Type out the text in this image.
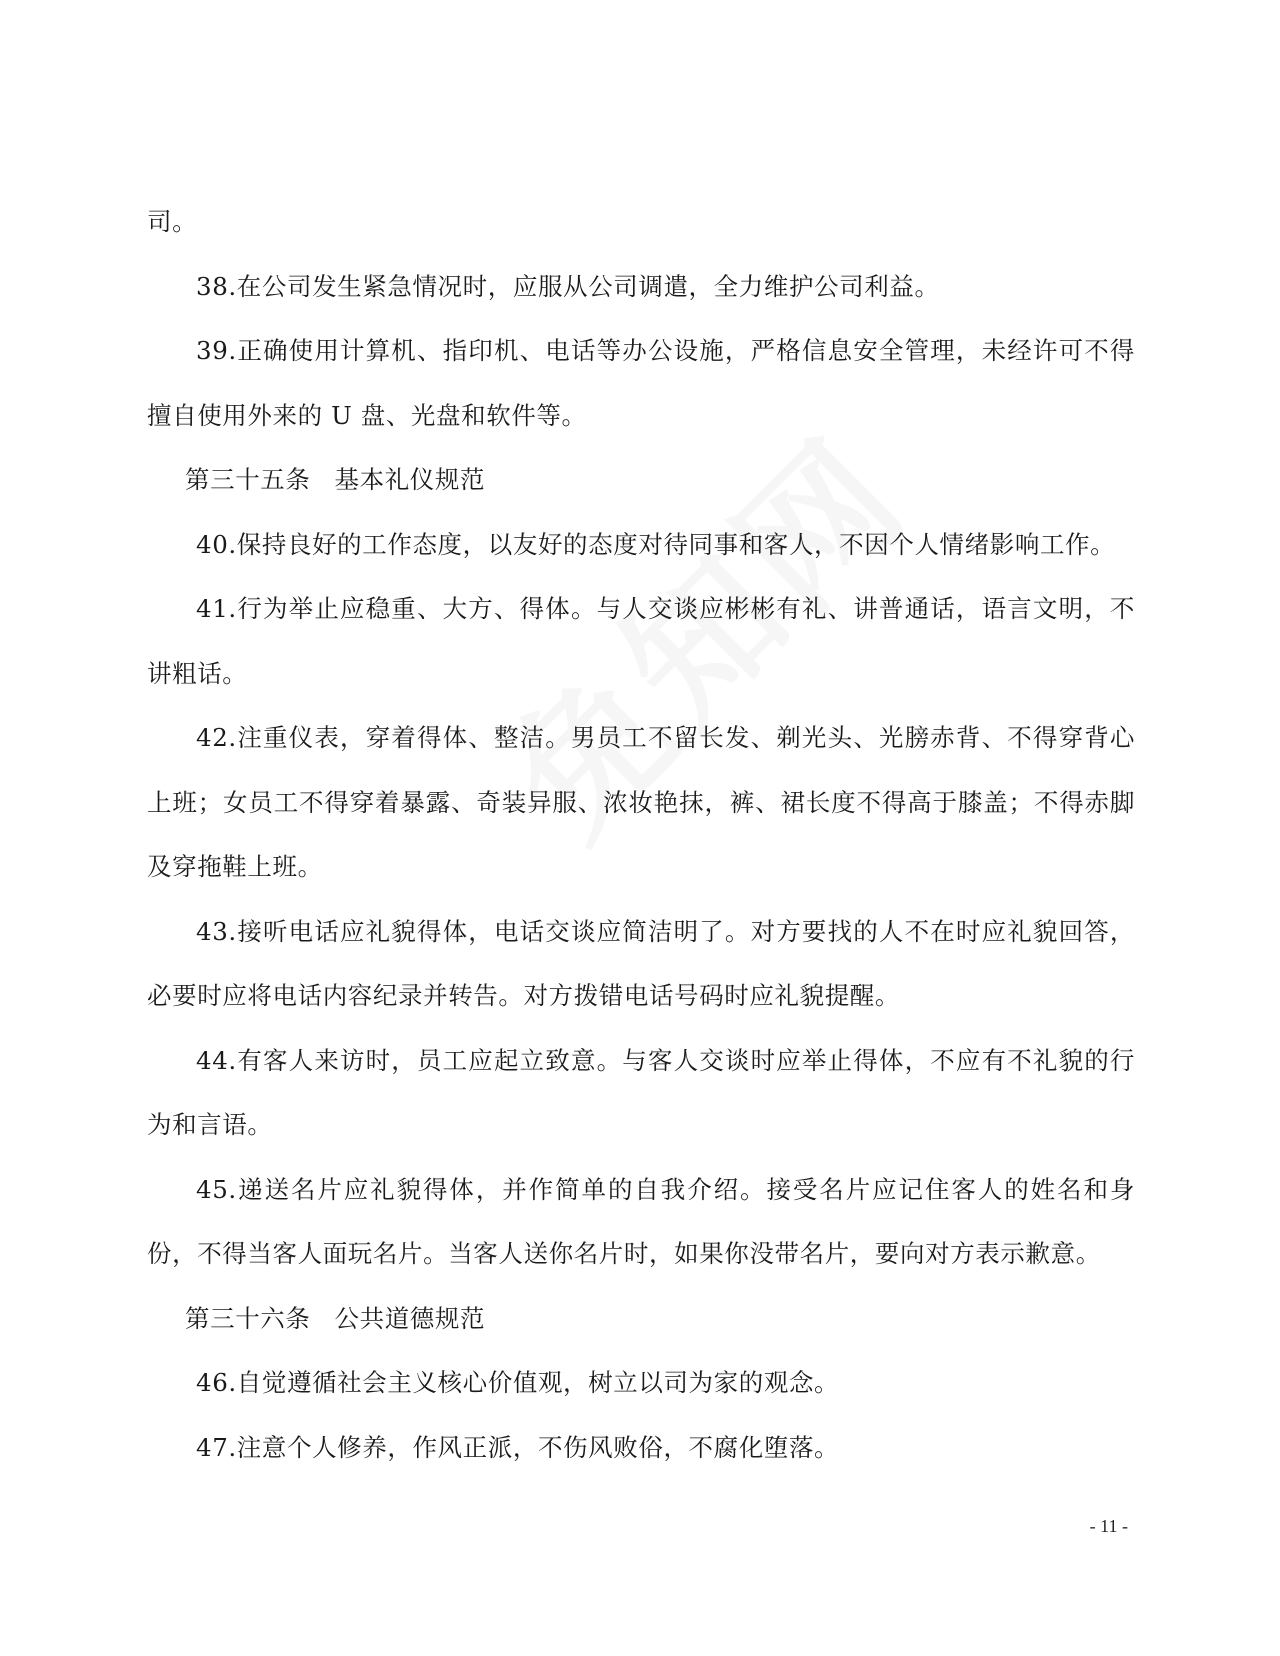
司。

38.在公司发生紧急情况时，应服从公司调遣，全力维护公司利益。

39.正确使用计算机、指印机、电话等办公设施，严格信息安全管理，未经许可不得擅自使用外来的 U 盘、光盘和软件等。

第三十五条 基本礼仪规范

40.保持良好的工作态度，以友好的态度对待同事和客人，不因个人情绪影响工作。

41.行为举止应稳重、大方、得体。与人交谈应彬彬有礼、讲普通话，语言文明，不讲粗话。

42.注重仪表，穿着得体、整洁。男员工不留长发、剃光头、光膀赤背、不得穿背心上班；女员工不得穿着暴露、奇装异服、浓妆艳抹，裤、裙长度不得高于膝盖；不得赤脚及穿拖鞋上班。

43.接听电话应礼貌得体，电话交谈应简洁明了。对方要找的人不在时应礼貌回答，必要时应将电话内容纪录并转告。对方拨错电话号码时应礼貌提醒。

44.有客人来访时，员工应起立致意。与客人交谈时应举止得体，不应有不礼貌的行为和言语。

45.递送名片应礼貌得体，并作简单的自我介绍。接受名片应记住客人的姓名和身份，不得当客人面玩名片。当客人送你名片时，如果你没带名片，要向对方表示歉意。

第三十六条 公共道德规范

46.自觉遵循社会主义核心价值观，树立以司为家的观念。

47.注意个人修养，作风正派，不伤风败俗，不腐化堕落。

- 11 -
